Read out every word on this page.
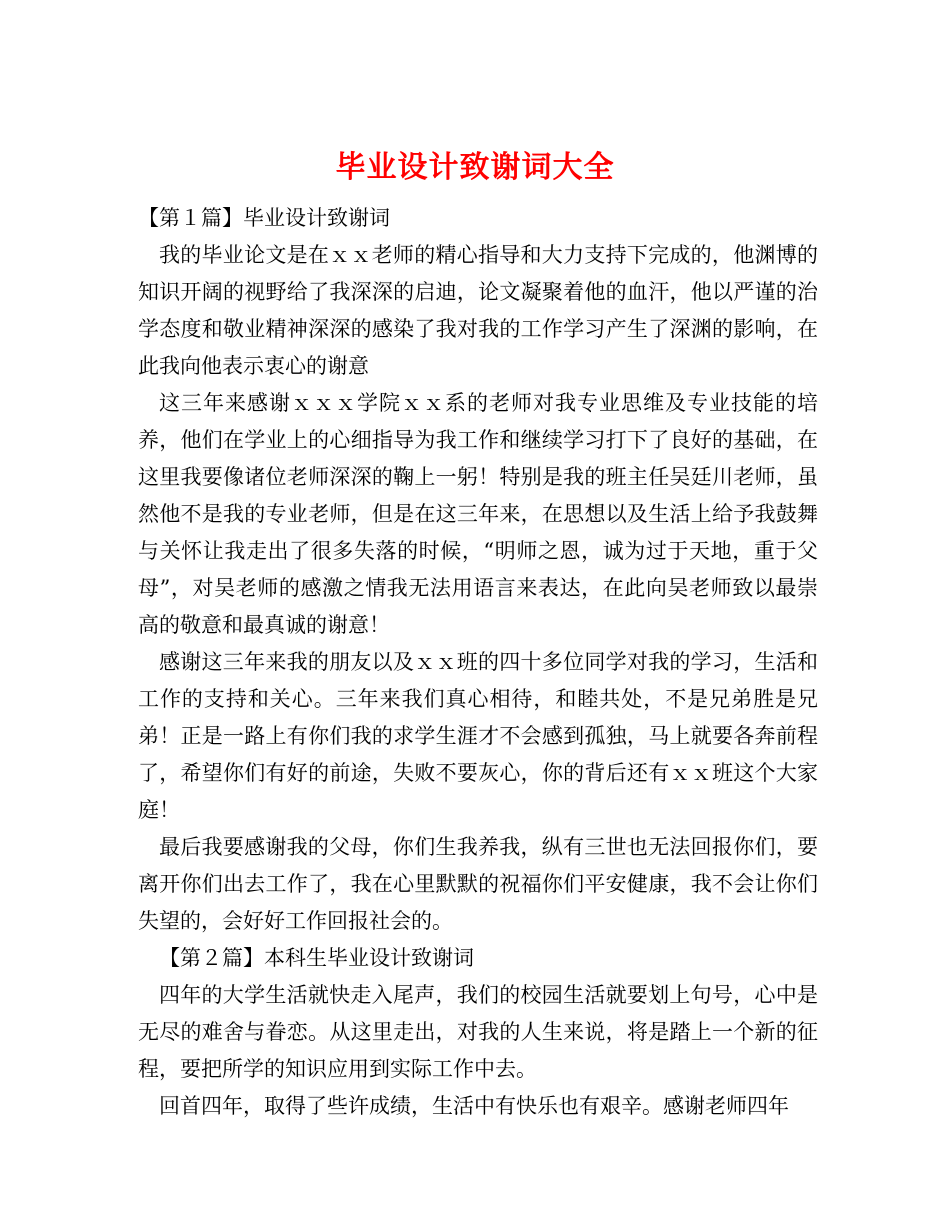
毕业设计致谢词大全

【第１篇】毕业设计致谢词

我的毕业论文是在ｘｘ老师的精心指导和大力支持下完成的，他渊博的知识开阔的视野给了我深深的启迪，论文凝聚着他的血汗，他以严谨的治学态度和敬业精神深深的感染了我对我的工作学习产生了深渊的影响，在此我向他表示衷心的谢意

这三年来感谢ｘｘｘ学院ｘｘ系的老师对我专业思维及专业技能的培养，他们在学业上的心细指导为我工作和继续学习打下了良好的基础，在这里我要像诸位老师深深的鞠上一躬！特别是我的班主任吴廷川老师，虽然他不是我的专业老师，但是在这三年来，在思想以及生活上给予我鼓舞与关怀让我走出了很多失落的时候，“明师之恩，诚为过于天地，重于父母”，对吴老师的感激之情我无法用语言来表达，在此向吴老师致以最崇高的敬意和最真诚的谢意！

感谢这三年来我的朋友以及ｘｘ班的四十多位同学对我的学习，生活和工作的支持和关心。三年来我们真心相待，和睦共处，不是兄弟胜是兄弟！正是一路上有你们我的求学生涯才不会感到孤独，马上就要各奔前程了，希望你们有好的前途，失败不要灰心，你的背后还有ｘｘ班这个大家庭！

最后我要感谢我的父母，你们生我养我，纵有三世也无法回报你们，要离开你们出去工作了，我在心里默默的祝福你们平安健康，我不会让你们失望的，会好好工作回报社会的。

【第２篇】本科生毕业设计致谢词

四年的大学生活就快走入尾声，我们的校园生活就要划上句号，心中是无尽的难舍与眷恋。从这里走出，对我的人生来说，将是踏上一个新的征程，要把所学的知识应用到实际工作中去。

回首四年，取得了些许成绩，生活中有快乐也有艰辛。感谢老师四年
